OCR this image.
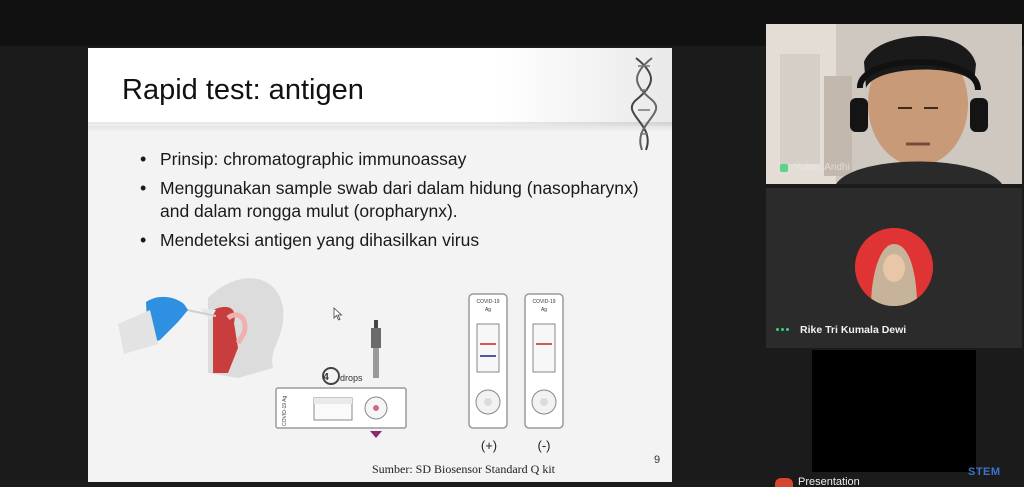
Rapid test: antigen
• Prinsip: chromatographic immunoassay
• Menggunakan sample swab dari dalam hidung (nasopharynx) and dalam rongga mulut (oropharynx).
• Mendeteksi antigen yang dihasilkan virus
4 drops
COVID-19 Ag
COVID-19
Ag
COVID-19
Ag
(+)	(-)
Sumber: SD Biosensor Standard Q kit
9
Yohan Andhi
Rike Tri Kumala Dewi
Presentation
STEM
